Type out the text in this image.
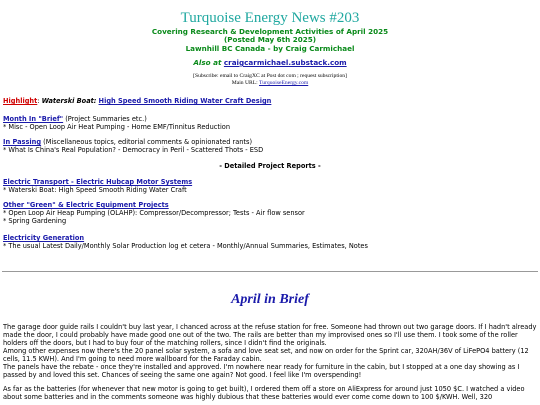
Turquoise Energy News #203
Covering Research & Development Activities of April 2025
(Posted May 6th 2025)
Lawnhill BC Canada - by Craig Carmichael
Also at craigcarmichael.substack.com
[Subscribe: email to CraigXC at Post dot com ; request subscription]
Main URL: TurquoiseEnergy.com
Highlight: Waterski Boat: High Speed Smooth Riding Water Craft Design
Month In "Brief" (Project Summaries etc.)
* Misc - Open Loop Air Heat Pumping - Home EMF/Tinnitus Reduction
In Passing (Miscellaneous topics, editorial comments & opinionated rants)
* What Is China's Real Population? - Democracy in Peril - Scattered Thots - ESD
- Detailed Project Reports -
Electric Transport - Electric Hubcap Motor Systems
* Waterski Boat: High Speed Smooth Riding Water Craft
Other "Green" & Electric Equipment Projects
* Open Loop Air Heap Pumping (OLAHP): Compressor/Decompressor; Tests - Air flow sensor
* Spring Gardening
Electricity Generation
* The usual Latest Daily/Monthly Solar Production log et cetera - Monthly/Annual Summaries, Estimates, Notes
April in Brief

The garage door guide rails I couldn't buy last year, I chanced across at the refuse station for free. Someone had thrown out two garage doors. If I hadn't already made the door, I could probably have made good one out of the two. The rails are better than my improvised ones so I'll use them. I took some of the roller holders off the doors, but I had to buy four of the matching rollers, since I didn't find the originals.

Among other expenses now there's the 20 panel solar system, a sofa and love seat set, and now on order for the Sprint car, 320AH/36V of LiFePO4 battery (12 cells, 11.5 KWH). And I'm going to need more wallboard for the Faraday cabin.

The panels have the rebate - once they're installed and approved. I'm nowhere near ready for furniture in the cabin, but I stopped at a one day showing as I passed by and loved this set. Chances of seeing the same one again? Not good. I feel like I'm overspending!

As far as the batteries (for whenever that new motor is going to get built), I ordered them off a store on AliExpress for around just 1050 $C. I watched a video about some batteries and in the comments someone was highly dubious that these batteries would ever come come down to 100 $/KWH. Well, 320
